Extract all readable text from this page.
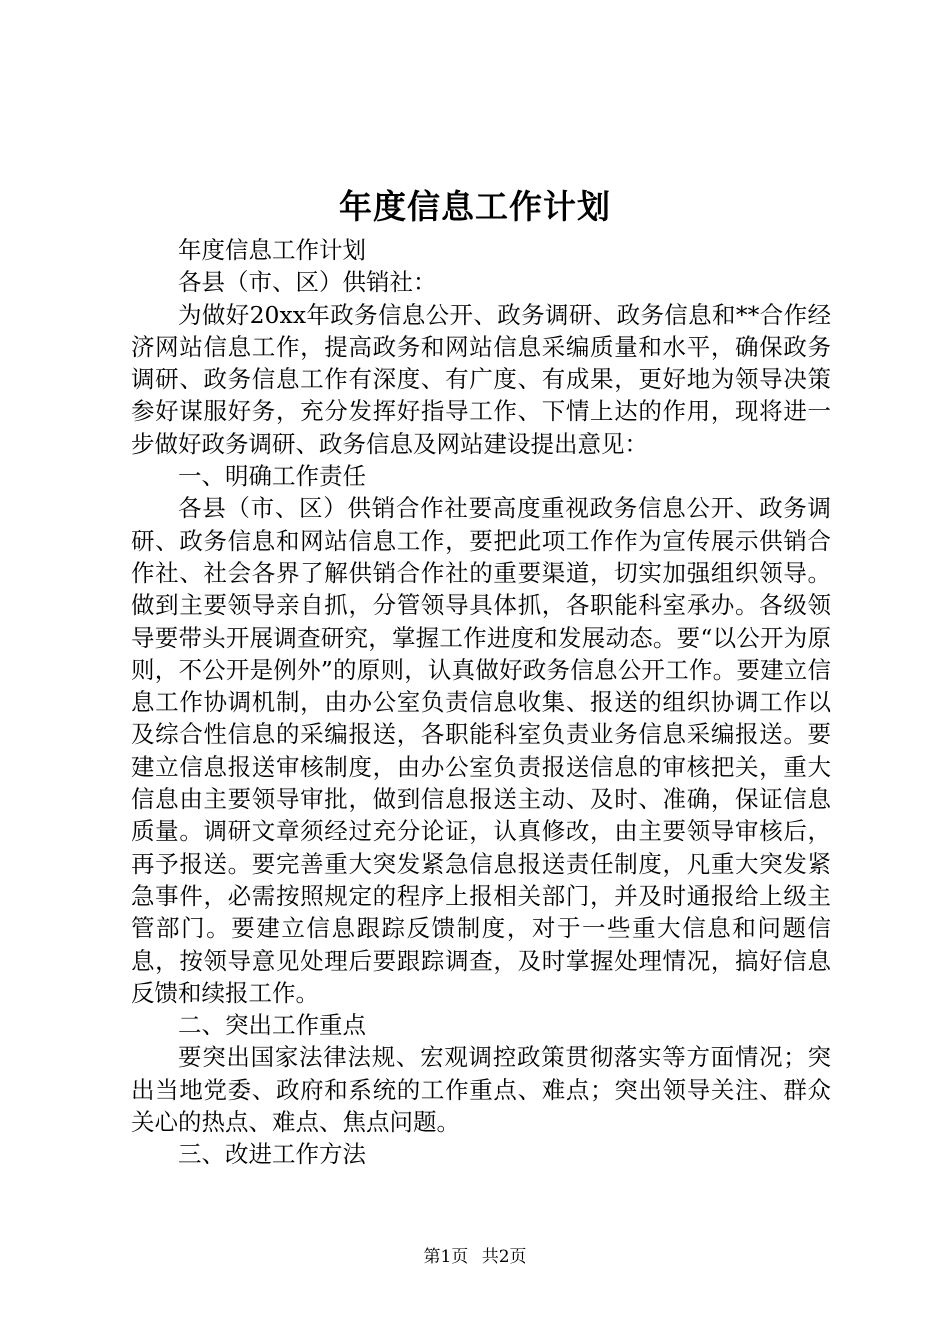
年度信息工作计划

年度信息工作计划

各县（市、区）供销社：

为做好20xx年政务信息公开、政务调研、政务信息和**合作经济网站信息工作，提高政务和网站信息采编质量和水平，确保政务调研、政务信息工作有深度、有广度、有成果，更好地为领导决策参好谋服好务，充分发挥好指导工作、下情上达的作用，现将进一步做好政务调研、政务信息及网站建设提出意见：

一、明确工作责任

各县（市、区）供销合作社要高度重视政务信息公开、政务调研、政务信息和网站信息工作，要把此项工作作为宣传展示供销合作社、社会各界了解供销合作社的重要渠道，切实加强组织领导。做到主要领导亲自抓，分管领导具体抓，各职能科室承办。各级领导要带头开展调查研究，掌握工作进度和发展动态。要“以公开为原则，不公开是例外”的原则，认真做好政务信息公开工作。要建立信息工作协调机制，由办公室负责信息收集、报送的组织协调工作以及综合性信息的采编报送，各职能科室负责业务信息采编报送。要建立信息报送审核制度，由办公室负责报送信息的审核把关，重大信息由主要领导审批，做到信息报送主动、及时、准确，保证信息质量。调研文章须经过充分论证，认真修改，由主要领导审核后，再予报送。要完善重大突发紧急信息报送责任制度，凡重大突发紧急事件，必需按照规定的程序上报相关部门，并及时通报给上级主管部门。要建立信息跟踪反馈制度，对于一些重大信息和问题信息，按领导意见处理后要跟踪调查，及时掌握处理情况，搞好信息反馈和续报工作。

二、突出工作重点

要突出国家法律法规、宏观调控政策贯彻落实等方面情况；突出当地党委、政府和系统的工作重点、难点；突出领导关注、群众关心的热点、难点、焦点问题。

三、改进工作方法

第1页 共2页
